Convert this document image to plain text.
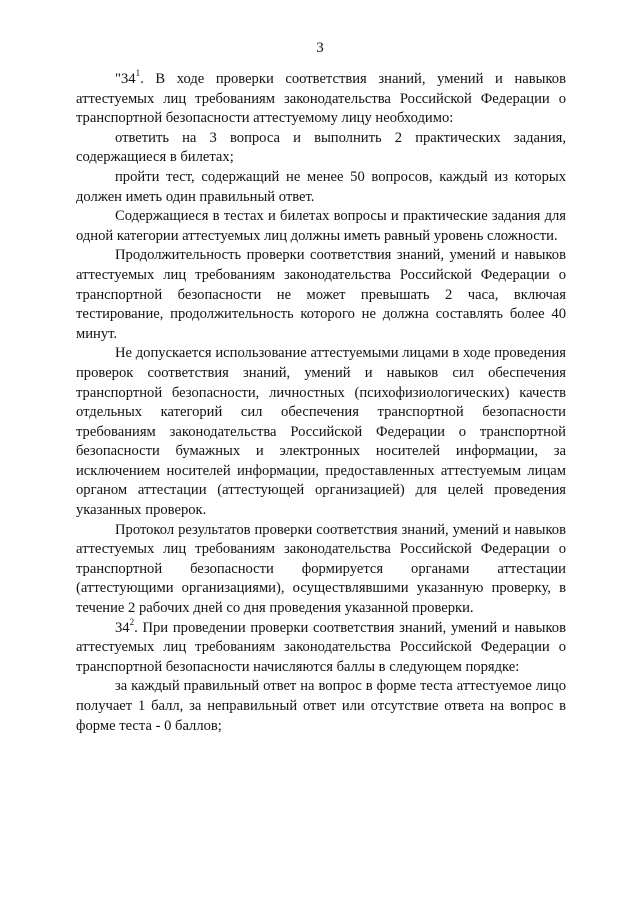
3

"$34^1$. В ходе проверки соответствия знаний, умений и навыков аттестуемых лиц требованиям законодательства Российской Федерации о транспортной безопасности аттестуемому лицу необходимо:

ответить на 3 вопроса и выполнить 2 практических задания, содержащиеся в билетах;

пройти тест, содержащий не менее 50 вопросов, каждый из которых должен иметь один правильный ответ.

Содержащиеся в тестах и билетах вопросы и практические задания для одной категории аттестуемых лиц должны иметь равный уровень сложности.

Продолжительность проверки соответствия знаний, умений и навыков аттестуемых лиц требованиям законодательства Российской Федерации о транспортной безопасности не может превышать 2 часа, включая тестирование, продолжительность которого не должна составлять более 40 минут.

Не допускается использование аттестуемыми лицами в ходе проведения проверок соответствия знаний, умений и навыков сил обеспечения транспортной безопасности, личностных (психофизиологических) качеств отдельных категорий сил обеспечения транспортной безопасности требованиям законодательства Российской Федерации о транспортной безопасности бумажных и электронных носителей информации, за исключением носителей информации, предоставленных аттестуемым лицам органом аттестации (аттестующей организацией) для целей проведения указанных проверок.

Протокол результатов проверки соответствия знаний, умений и навыков аттестуемых лиц требованиям законодательства Российской Федерации о транспортной безопасности формируется органами аттестации (аттестующими организациями), осуществлявшими указанную проверку, в течение 2 рабочих дней со дня проведения указанной проверки.

$34^2$. При проведении проверки соответствия знаний, умений и навыков аттестуемых лиц требованиям законодательства Российской Федерации о транспортной безопасности начисляются баллы в следующем порядке:

за каждый правильный ответ на вопрос в форме теста аттестуемое лицо получает 1 балл, за неправильный ответ или отсутствие ответа на вопрос в форме теста - 0 баллов;
